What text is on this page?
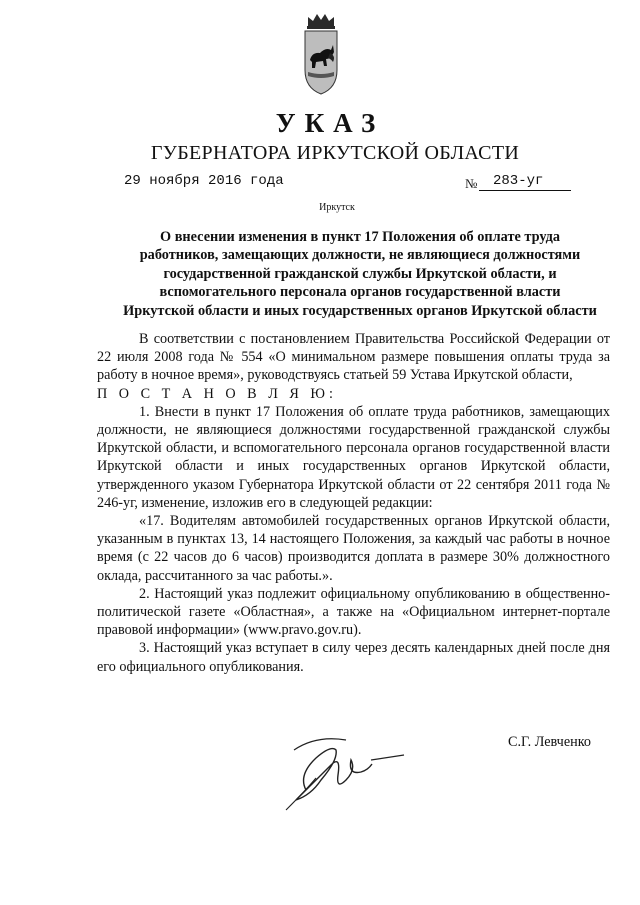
УКАЗ
ГУБЕРНАТОРА ИРКУТСКОЙ ОБЛАСТИ
29 ноября 2016 года	№ 283-уг
Иркутск
О внесении изменения в пункт 17 Положения об оплате труда
работников, замещающих должности, не являющиеся должностями
государственной гражданской службы Иркутской области, и
вспомогательного персонала органов государственной власти
Иркутской области и иных государственных органов Иркутской области

В соответствии с постановлением Правительства Российской Федерации от 22 июля 2008 года № 554 «О минимальном размере повышения оплаты труда за работу в ночное время», руководствуясь статьей 59 Устава Иркутской области,

П О С Т А Н О В Л Я Ю:

1. Внести в пункт 17 Положения об оплате труда работников, замещающих должности, не являющиеся должностями государственной гражданской службы Иркутской области, и вспомогательного персонала органов государственной власти Иркутской области и иных государственных органов Иркутской области, утвержденного указом Губернатора Иркутской области от 22 сентября 2011 года № 246-уг, изменение, изложив его в следующей редакции:

«17. Водителям автомобилей государственных органов Иркутской области, указанным в пунктах 13, 14 настоящего Положения, за каждый час работы в ночное время (с 22 часов до 6 часов) производится доплата в размере 30% должностного оклада, рассчитанного за час работы.».

2. Настоящий указ подлежит официальному опубликованию в общественно-политической газете «Областная», а также на «Официальном интернет-портале правовой информации» (www.pravo.gov.ru).

3. Настоящий указ вступает в силу через десять календарных дней после дня его официального опубликования.

С.Г. Левченко
